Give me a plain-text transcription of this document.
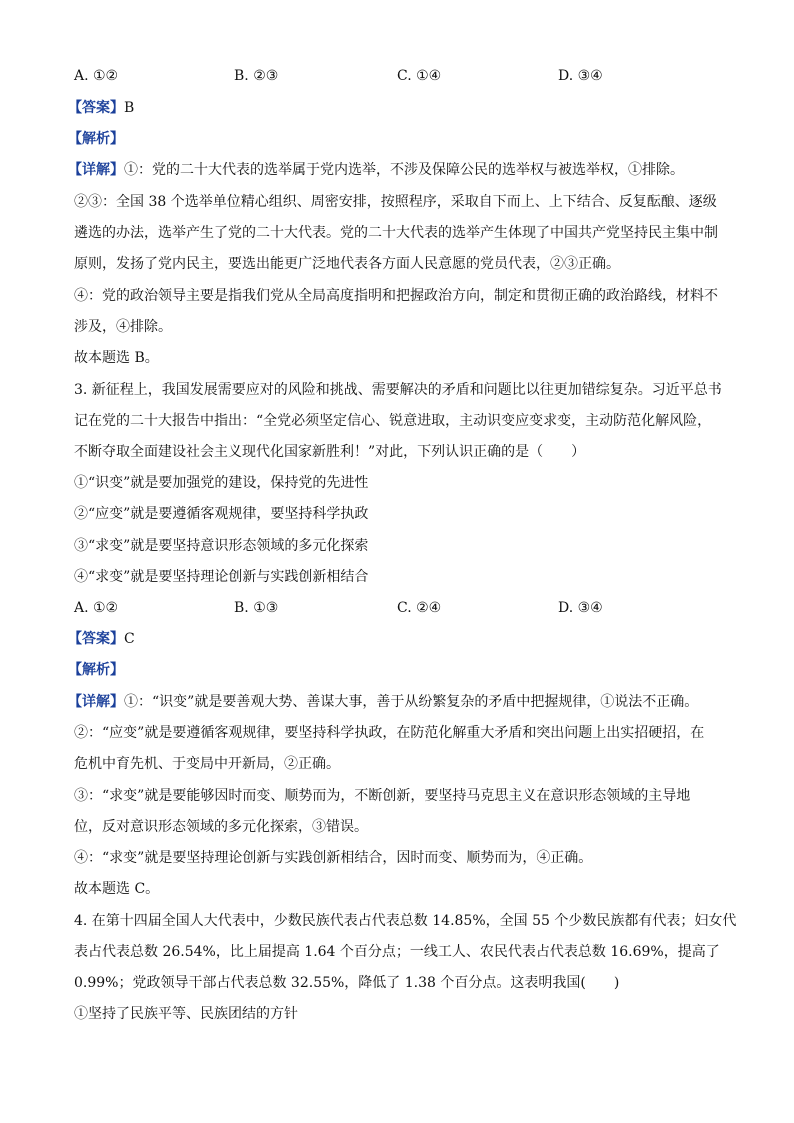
A. ①②	B. ②③	C. ①④	D. ③④
【答案】B
【解析】
【详解】①：党的二十大代表的选举属于党内选举，不涉及保障公民的选举权与被选举权，①排除。
②③：全国 38 个选举单位精心组织、周密安排，按照程序，采取自下而上、上下结合、反复酝酿、逐级
遴选的办法，选举产生了党的二十大代表。党的二十大代表的选举产生体现了中国共产党坚持民主集中制
原则，发扬了党内民主，要选出能更广泛地代表各方面人民意愿的党员代表，②③正确。
④：党的政治领导主要是指我们党从全局高度指明和把握政治方向，制定和贯彻正确的政治路线，材料不
涉及，④排除。
故本题选 B。
3. 新征程上，我国发展需要应对的风险和挑战、需要解决的矛盾和问题比以往更加错综复杂。习近平总书
记在党的二十大报告中指出：“全党必须坚定信心、锐意进取，主动识变应变求变，主动防范化解风险，
不断夺取全面建设社会主义现代化国家新胜利！”对此，下列认识正确的是（　　）
①“识变”就是要加强党的建设，保持党的先进性
②“应变”就是要遵循客观规律，要坚持科学执政
③“求变”就是要坚持意识形态领域的多元化探索
④“求变”就是要坚持理论创新与实践创新相结合
A. ①②	B. ①③	C. ②④	D. ③④
【答案】C
【解析】
【详解】①：“识变”就是要善观大势、善谋大事，善于从纷繁复杂的矛盾中把握规律，①说法不正确。
②：“应变”就是要遵循客观规律，要坚持科学执政，在防范化解重大矛盾和突出问题上出实招硬招，在
危机中育先机、于变局中开新局，②正确。
③：“求变”就是要能够因时而变、顺势而为，不断创新，要坚持马克思主义在意识形态领域的主导地
位，反对意识形态领域的多元化探索，③错误。
④：“求变”就是要坚持理论创新与实践创新相结合，因时而变、顺势而为，④正确。
故本题选 C。
4. 在第十四届全国人大代表中，少数民族代表占代表总数 14.85%，全国 55 个少数民族都有代表；妇女代
表占代表总数 26.54%，比上届提高 1.64 个百分点；一线工人、农民代表占代表总数 16.69%，提高了
0.99%；党政领导干部占代表总数 32.55%，降低了 1.38 个百分点。这表明我国(　　)
①坚持了民族平等、民族团结的方针
